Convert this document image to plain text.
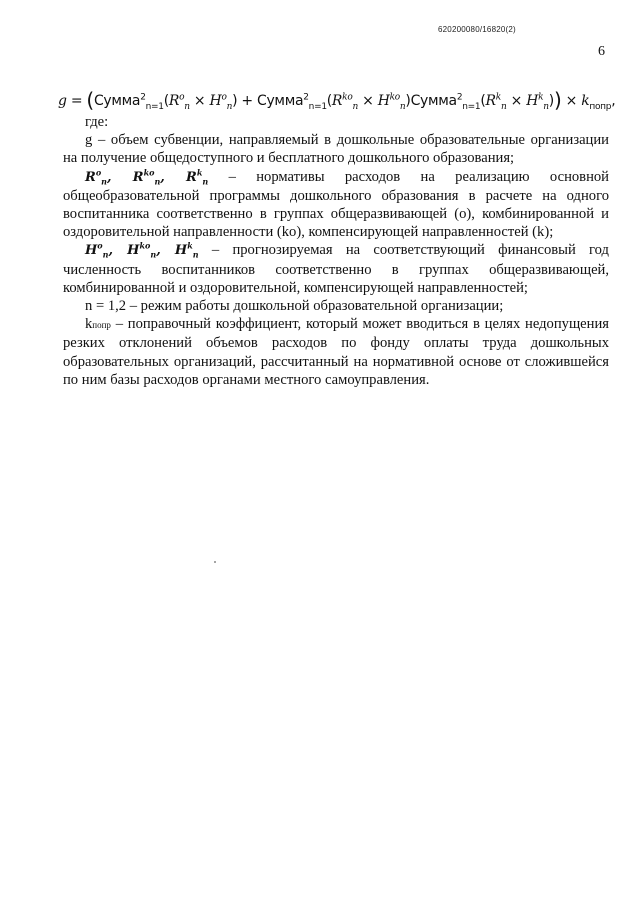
620200080/16820(2)
6
$g = (Сумма^2_{n=1}(R^o_n \times H^o_n)$ + $Сумма^2_{n=1}(R^{ko}_n$ × $H^{ko}_n)Сумма^2_{n=1}(R^k_n \times H^k_n)) \times k_{попр}$,

где:

g – объем субвенции, направляемый в дошкольные образовательные организации на получение общедоступного и бесплатного дошкольного образования;

$R^o_n$, $R^{ko}_n$, $R^k_n$ – нормативы расходов на реализацию основной общеобразовательной программы дошкольного образования в расчете на одного воспитанника соответственно в группах общеразвивающей (о), комбинированной и оздоровительной направленности (kо), компенсирующей направленностей (k);

$H^o_n$, $H^{ko}_n$, $H^k_n$ – прогнозируемая на соответствующий финансовый год численность воспитанников соответственно в группах общеразвивающей, комбинированной и оздоровительной, компенсирующей направленностей;

n = 1,2 – режим работы дошкольной образовательной организации;

kпопр – поправочный коэффициент, который может вводиться в целях недопущения резких отклонений объемов расходов по фонду оплаты труда дошкольных образовательных организаций, рассчитанный на нормативной основе от сложившейся по ним базы расходов органами местного самоуправления.
